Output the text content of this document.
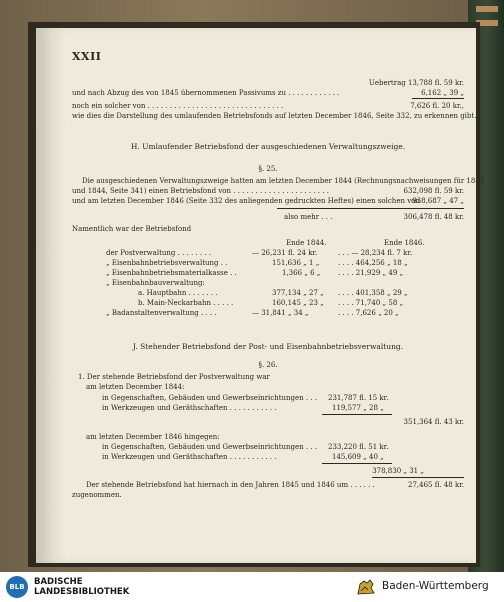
XXII
Uebertrag 13,788 fl. 59 kr.
und nach Abzug des von 1845 übernommenen Passivums zu . . . . . . . . . . . .	6,162 „ 39 „
noch ein solcher von . . . . . . . . . . . . . . . . . . . . . . . . . . . . . . .	7,626 fl. 20 kr.,
wie dies die Darstellung des umlaufenden Betriebsfonds auf letzten December 1846, Seite 332, zu erkennen gibt.
H. Umlaufender Betriebsfond der ausgeschiedenen Verwaltungszweige.
§. 25.
Die ausgeschiedenen Verwaltungszweige hatten am letzten December 1844 (Rechnungsnachweisungen für 1843
und 1844, Seite 341) einen Betriebsfond von . . . . . . . . . . . . . . . . . . . . . .	632,098 fl. 59 kr.
und am letzten December 1846 (Seite 332 des anliegenden gedruckten Heftes) einen solchen von
938,687 „ 47 „
also mehr . . .	306,478 fl. 48 kr.
Namentlich war der Betriebsfond
Ende 1844.	Ende 1846.
der Postverwaltung . . . . . . . .	— 26,231 fl. 24 kr.	. . . — 28,234 fl. 7 kr.
„ Eisenbahnbetriebsverwaltung . .	151,636 „ 1 „	. . . . 464,256 „ 18 „
„ Eisenbahnbetriebsmaterialkasse . .	1,366 „ 6 „	. . . . 21,929 „ 49 „
„ Eisenbahnbauverwaltung:
a. Hauptbahn . . . . . . .	377,134 „ 27 „ . . . . 401,358 „ 29 „
b. Main-Neckarbahn . . . . .	160,145 „ 23 „ . . . . 71,740 „ 58 „
„ Badanstaltenverwaltung . . . .	— 31,841 „ 34 „	. . . . 7,626 „ 20 „
J. Stehender Betriebsfond der Post- und Eisenbahnbetriebsverwaltung.
§. 26.
1. Der stehende Betriebsfond der Postverwaltung war
am letzten December 1844:
in Gegenschaften, Gebäuden und Gewerbseinrichtungen . . . 231,787 fl. 15 kr.
in Werkzeugen und Geräthschaften . . . . . . . . . . .	119,577 „ 28 „
351,364 fl. 43 kr.
am letzten December 1846 hingegen:
in Gegenschaften, Gebäuden und Gewerbseinrichtungen . . . 233,220 fl. 51 kr.
in Werkzeugen und Geräthschaften . . . . . . . . . . .	145,609 „ 40 „
378,830 „ 31 „
Der stehende Betriebsfond hat hiernach in den Jahren 1845 und 1846 um . . . . . .	27,465 fl. 48 kr.
zugenommen.
BLB	BADISCHE
LANDESBIBLIOTHEK	Baden-Württemberg
